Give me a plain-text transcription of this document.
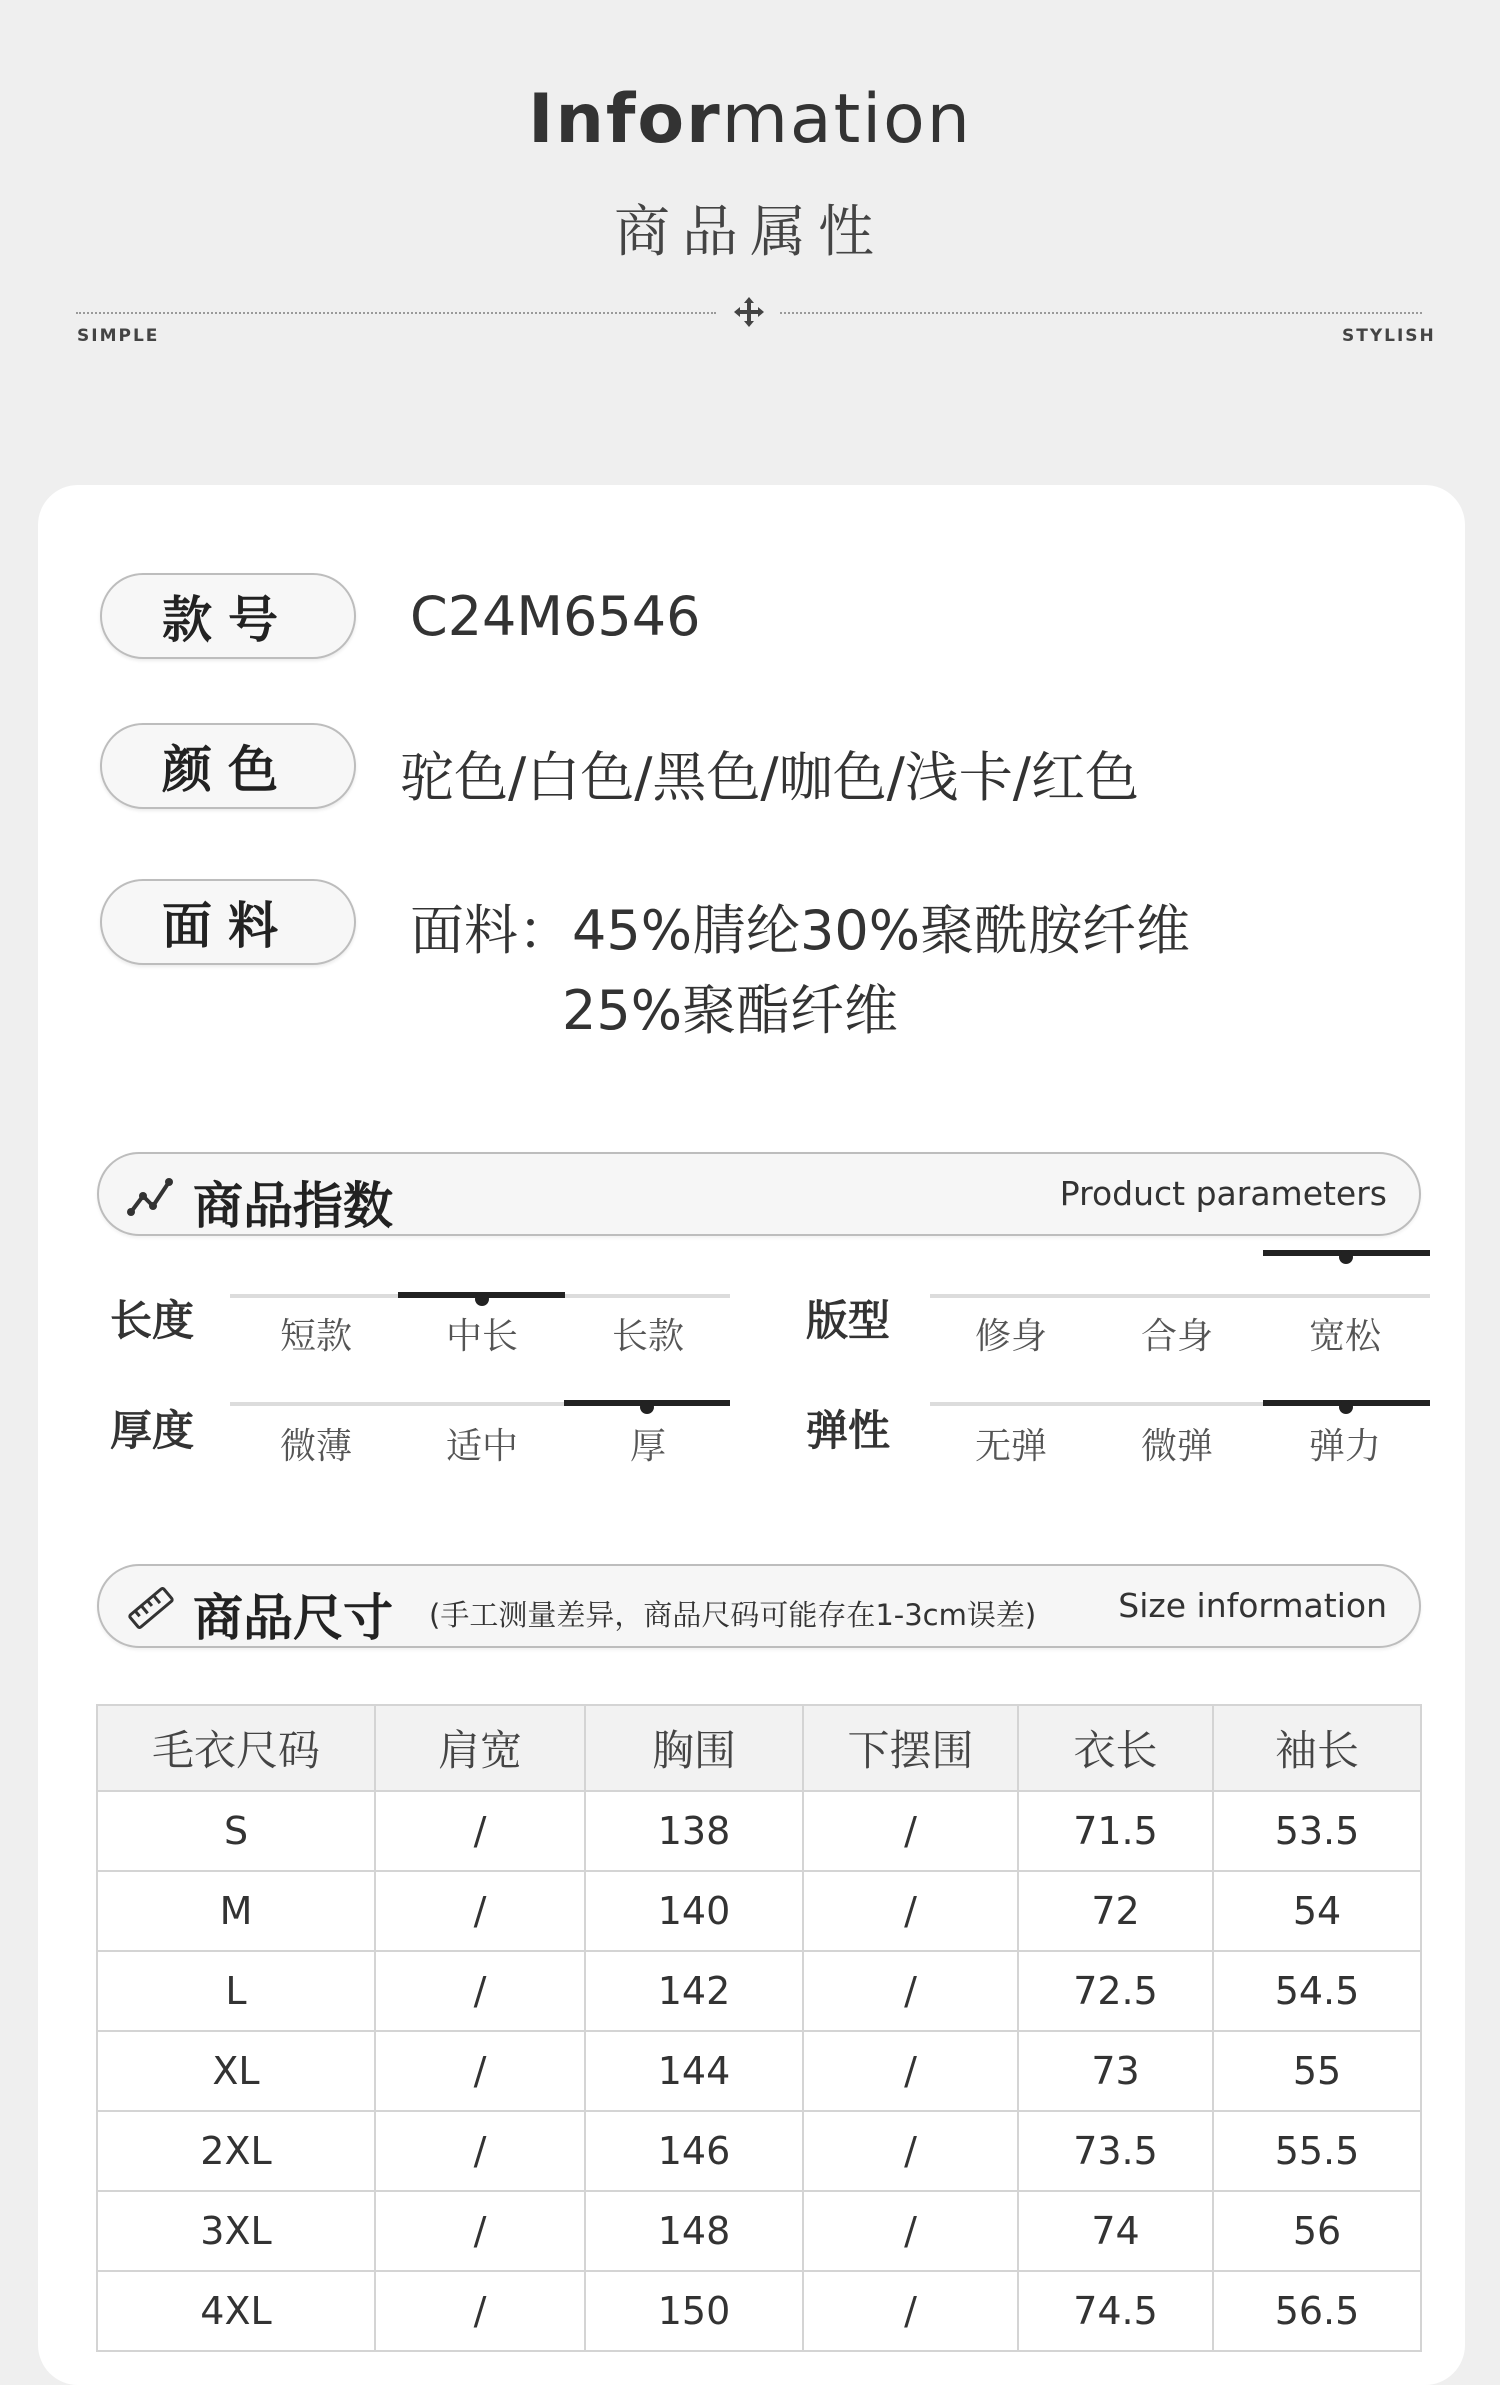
Information
商品属性
SIMPLE	STYLISH
款号	C24M6546
颜色	驼色/白色/黑色/咖色/浅卡/红色
面料	面料：45%腈纶30%聚酰胺纤维
25%聚酯纤维
商品指数	Product parameters
长度	短款	中长	长款	版型	修身	合身	宽松
厚度	微薄	适中	厚	弹性	无弹	微弹	弹力
商品尺寸 (手工测量差异，商品尺码可能存在1-3cm误差) Size information
毛衣尺码	肩宽	胸围	下摆围	衣长	袖长
S	/	138	/	71.5	53.5
M	/	140	/	72	54
L	/	142	/	72.5	54.5
XL	/	144	/	73	55
2XL	/	146	/	73.5	55.5
3XL	/	148	/	74	56
4XL	/	150	/	74.5	56.5
